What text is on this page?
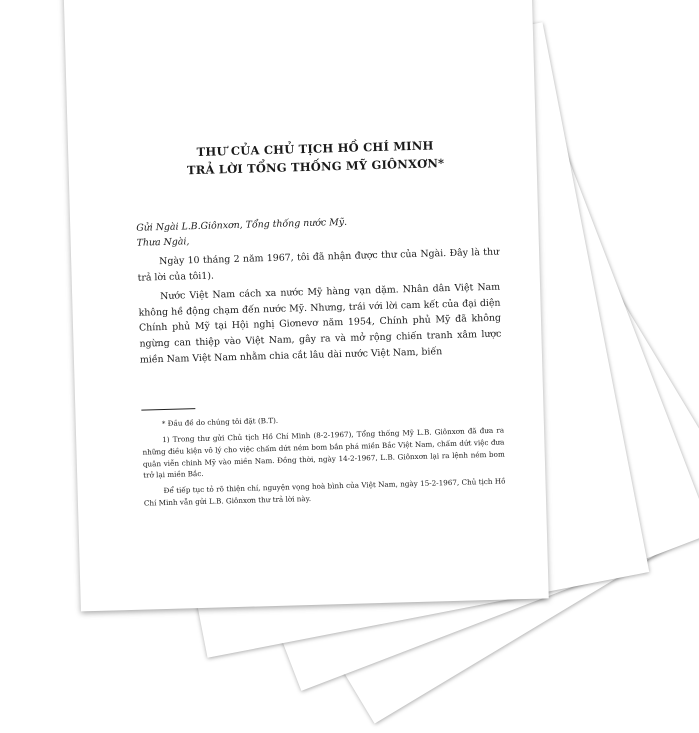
THƯ CỦA CHỦ TỊCH HỒ CHÍ MINH

TRẢ LỜI TỔNG THỐNG MỸ GIÔNXƠN*

Gửi Ngài L.B.Giônxơn, Tổng thống nước Mỹ.

Thưa Ngài,

Ngày 10 tháng 2 năm 1967, tôi đã nhận được thư của Ngài. Đây là thư trả lời của tôi1).

Nước Việt Nam cách xa nước Mỹ hàng vạn dặm. Nhân dân Việt Nam không hề động chạm đến nước Mỹ. Nhưng, trái với lời cam kết của đại diện Chính phủ Mỹ tại Hội nghị Giơnevơ năm 1954, Chính phủ Mỹ đã không ngừng can thiệp vào Việt Nam, gây ra và mở rộng chiến tranh xâm lược miền Nam Việt Nam nhằm chia cắt lâu dài nước Việt Nam, biến

* Đầu đề do chúng tôi đặt (B.T).

1) Trong thư gửi Chủ tịch Hồ Chí Minh (8-2-1967), Tổng thống Mỹ L.B. Giônxơn đã đưa ra những điều kiện vô lý cho việc chấm dứt ném bom bắn phá miền Bắc Việt Nam, chấm dứt việc đưa quân viễn chinh Mỹ vào miền Nam. Đồng thời, ngày 14-2-1967, L.B. Giônxơn lại ra lệnh ném bom trở lại miền Bắc.

Để tiếp tục tỏ rõ thiện chí, nguyện vọng hoà bình của Việt Nam, ngày 15-2-1967, Chủ tịch Hồ Chí Minh vẫn gửi L.B. Giônxơn thư trả lời này.
